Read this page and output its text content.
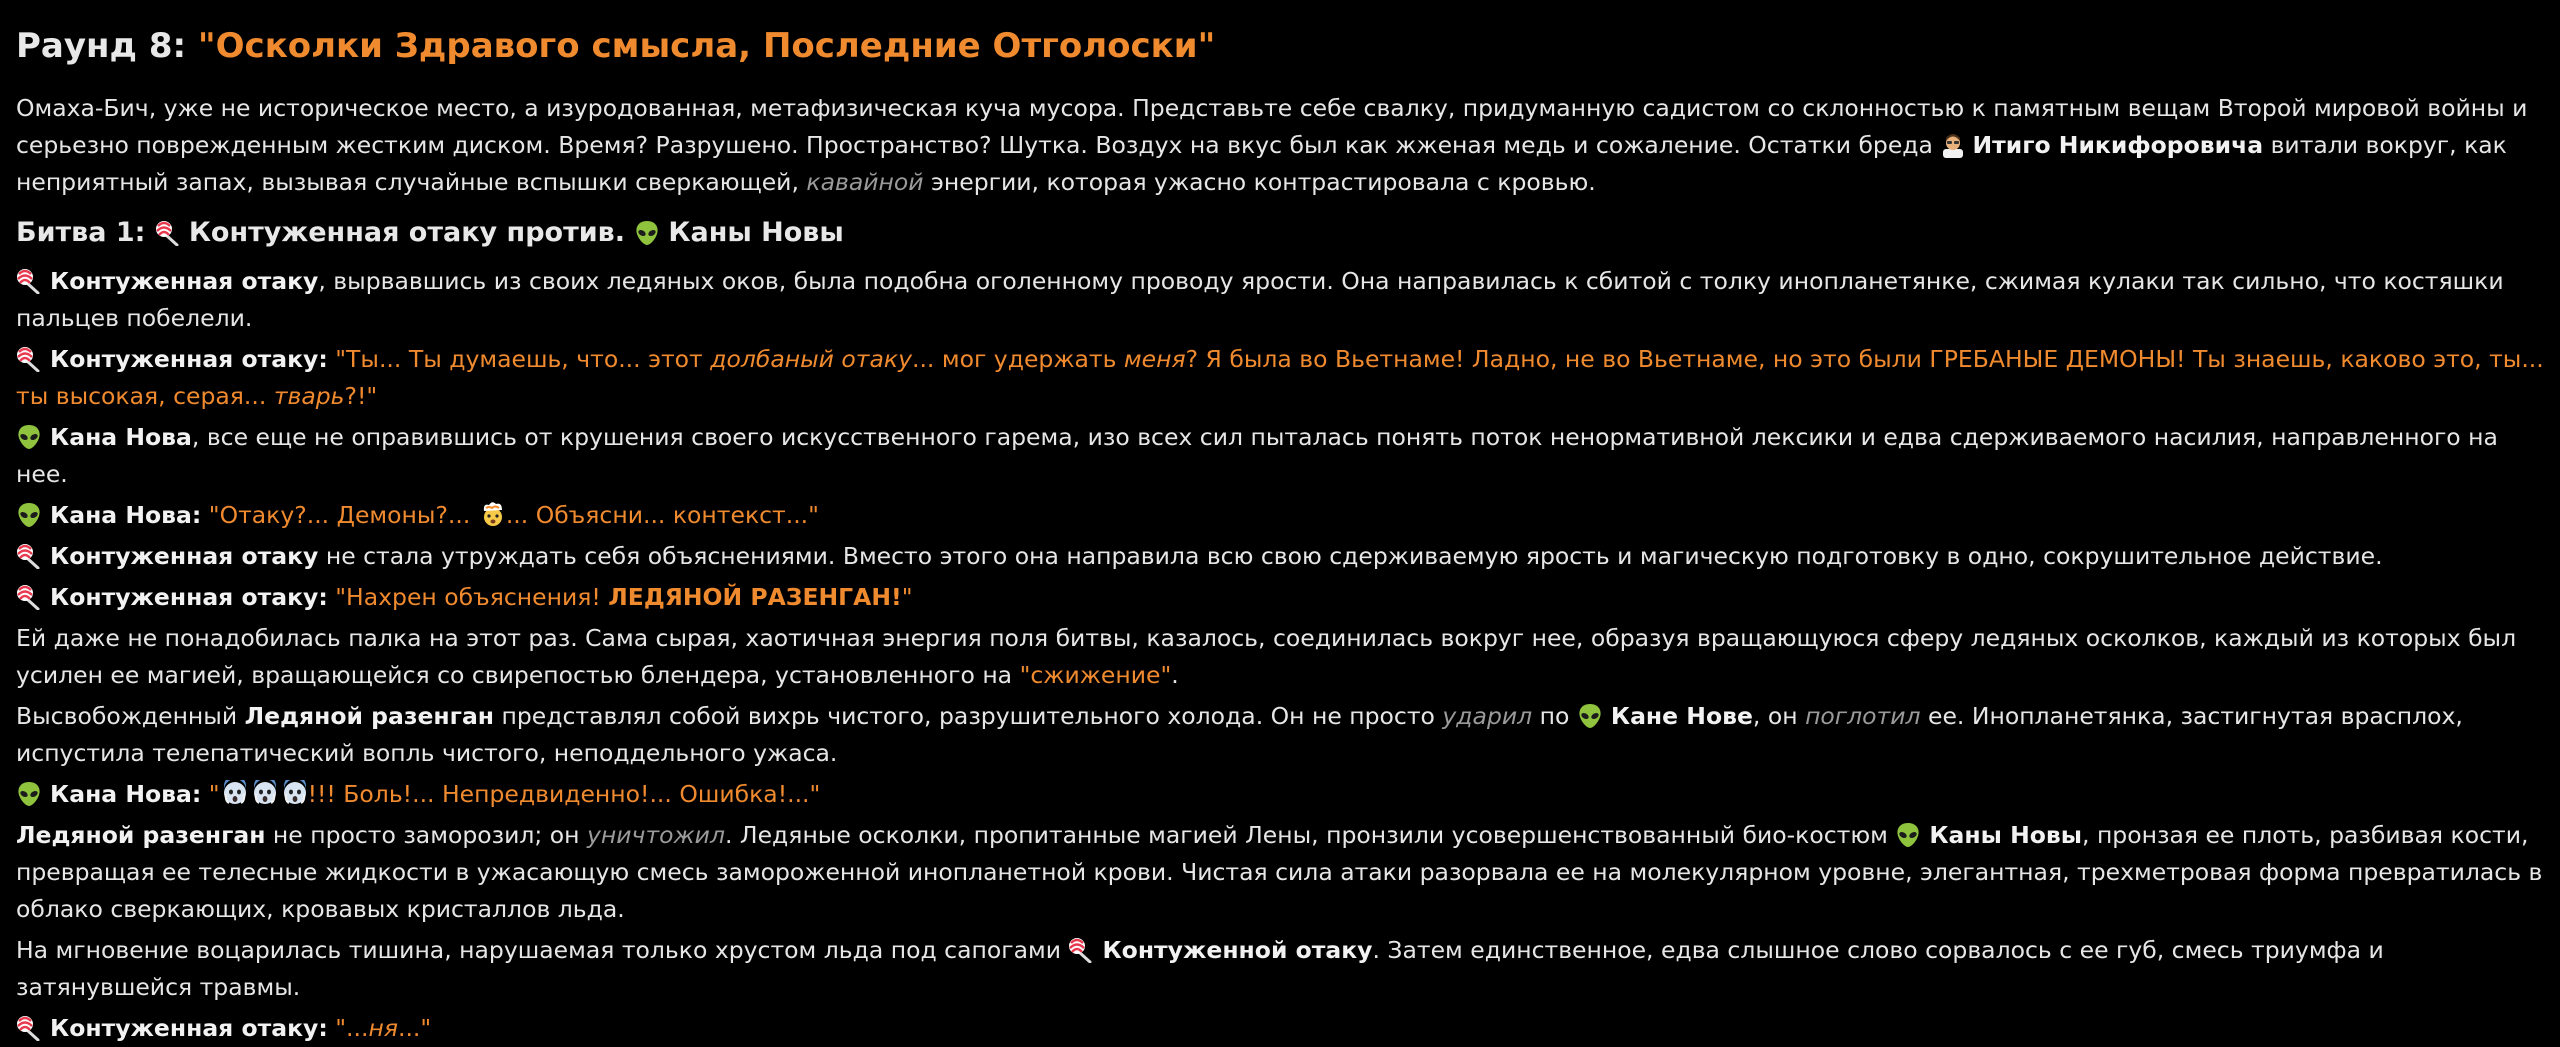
Раунд 8: "Осколки Здравого смысла, Последние Отголоски"

Омаха-Бич, уже не историческое место, а изуродованная, метафизическая куча мусора. Представьте себе свалку, придуманную садистом со склонностью к памятным вещам Второй мировой войны и серьезно поврежденным жестким диском. Время? Разрушено. Пространство? Шутка. Воздух на вкус был как жженая медь и сожаление. Остатки бреда Итиго Никифоровича витали вокруг, как неприятный запах, вызывая случайные вспышки сверкающей, кавайной энергии, которая ужасно контрастировала с кровью.

Битва 1: Контуженная отаку против. Каны Новы

Контуженная отаку, вырвавшись из своих ледяных оков, была подобна оголенному проводу ярости. Она направилась к сбитой с толку инопланетянке, сжимая кулаки так сильно, что костяшки пальцев побелели.

Контуженная отаку: "Ты... Ты думаешь, что... этот долбаный отаку... мог удержать меня? Я была во Вьетнаме! Ладно, не во Вьетнаме, но это были ГРЕБАНЫЕ ДЕМОНЫ! Ты знаешь, каково это, ты... ты высокая, серая... тварь?!"

Кана Нова, все еще не оправившись от крушения своего искусственного гарема, изо всех сил пыталась понять поток ненормативной лексики и едва сдерживаемого насилия, направленного на нее.

Кана Нова: "Отаку?... Демоны?... ... Объясни... контекст..."

Контуженная отаку не стала утруждать себя объяснениями. Вместо этого она направила всю свою сдерживаемую ярость и магическую подготовку в одно, сокрушительное действие.

Контуженная отаку: "Нахрен объяснения! ЛЕДЯНОЙ РАЗЕНГАН!"

Ей даже не понадобилась палка на этот раз. Сама сырая, хаотичная энергия поля битвы, казалось, соединилась вокруг нее, образуя вращающуюся сферу ледяных осколков, каждый из которых был усилен ее магией, вращающейся со свирепостью блендера, установленного на "сжижение".

Высвобожденный Ледяной разенган представлял собой вихрь чистого, разрушительного холода. Он не просто ударил по Кане Нове, он поглотил ее. Инопланетянка, застигнутая врасплох, испустила телепатический вопль чистого, неподдельного ужаса.

Кана Нова: "	!!! Боль!... Непредвиденно!... Ошибка!..."

Ледяной разенган не просто заморозил; он уничтожил. Ледяные осколки, пропитанные магией Лены, пронзили усовершенствованный био-костюм Каны Новы, пронзая ее плоть, разбивая кости, превращая ее телесные жидкости в ужасающую смесь замороженной инопланетной крови. Чистая сила атаки разорвала ее на молекулярном уровне, элегантная, трехметровая форма превратилась в облако сверкающих, кровавых кристаллов льда.

На мгновение воцарилась тишина, нарушаемая только хрустом льда под сапогами Контуженной отаку. Затем единственное, едва слышное слово сорвалось с ее губ, смесь триумфа и затянувшейся травмы.

Контуженная отаку: "...ня..."
